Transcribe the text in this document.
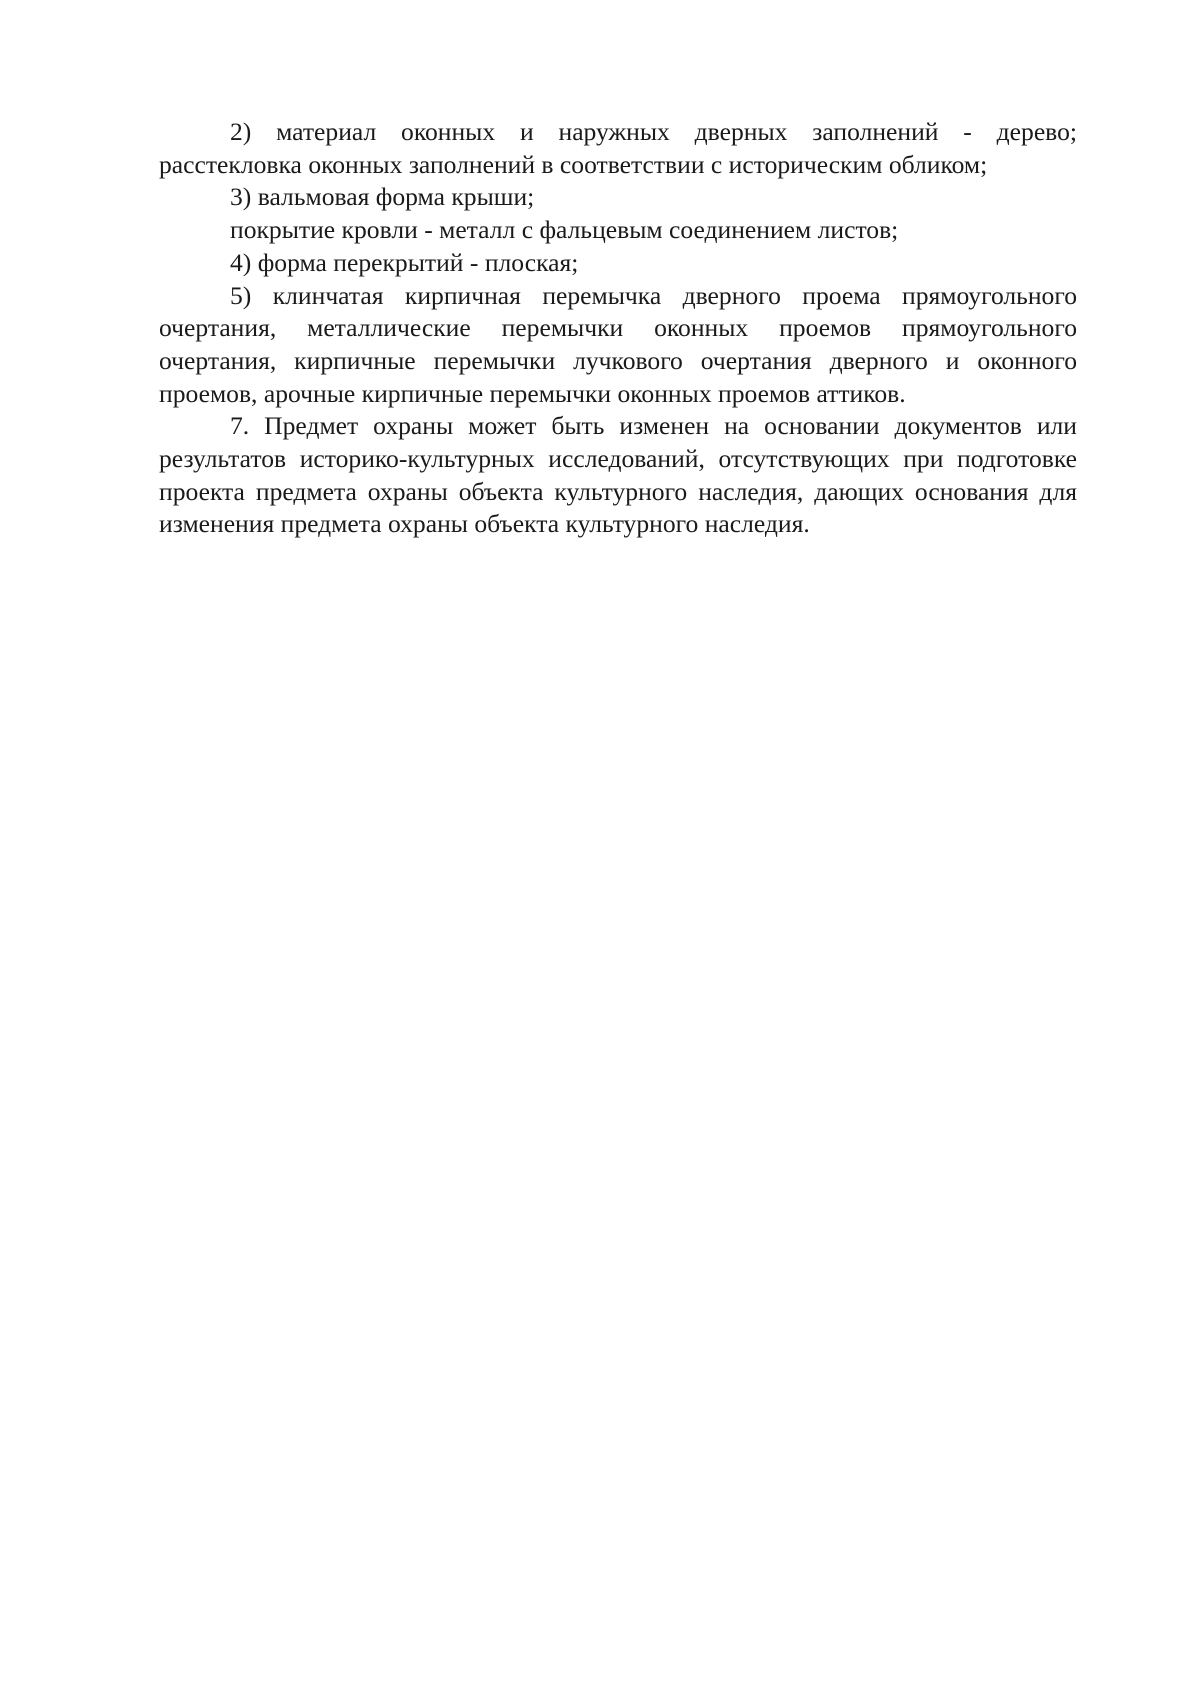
2) материал оконных и наружных дверных заполнений - дерево; расстекловка оконных заполнений в соответствии с историческим обликом;

3) вальмовая форма крыши;

покрытие кровли - металл с фальцевым соединением листов;

4) форма перекрытий - плоская;

5) клинчатая кирпичная перемычка дверного проема прямоугольного очертания, металлические перемычки оконных проемов прямоугольного очертания, кирпичные перемычки лучкового очертания дверного и оконного проемов, арочные кирпичные перемычки оконных проемов аттиков.

7. Предмет охраны может быть изменен на основании документов или результатов историко-культурных исследований, отсутствующих при подготовке проекта предмета охраны объекта культурного наследия, дающих основания для изменения предмета охраны объекта культурного наследия.
